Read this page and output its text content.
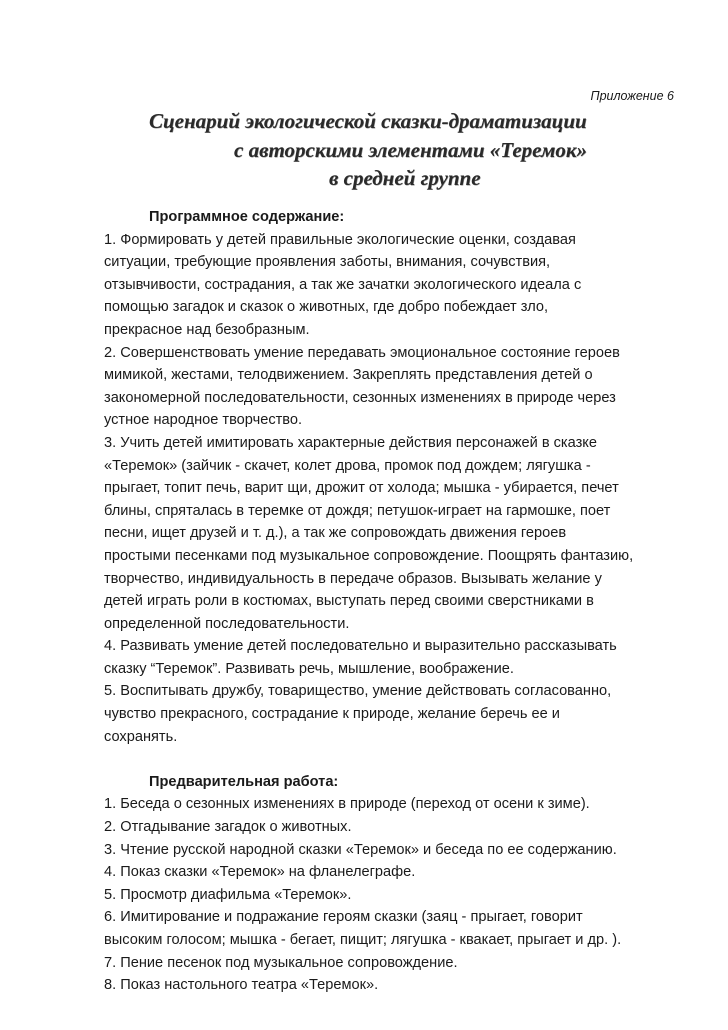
Приложение 6
Сценарий экологической сказки-драматизации
с авторскими элементами «Теремок»
в средней группе
Программное содержание:
1. Формировать у детей правильные экологические оценки, создавая
ситуации, требующие проявления заботы, внимания, сочувствия,
отзывчивости, сострадания, а так же зачатки экологического идеала с
помощью загадок и сказок о животных, где добро побеждает зло,
прекрасное над безобразным.
2. Совершенствовать умение передавать эмоциональное состояние героев
мимикой, жестами, телодвижением. Закреплять представления детей о
закономерной последовательности, сезонных изменениях в природе через
устное народное творчество.
3. Учить детей имитировать характерные действия персонажей в сказке
«Теремок» (зайчик - скачет, колет дрова, промок под дождем; лягушка -
прыгает, топит печь, варит щи, дрожит от холода; мышка - убирается, печет
блины, спряталась в теремке от дождя; петушок-играет на гармошке, поет
песни, ищет друзей и т. д.), а так же сопровождать движения героев
простыми песенками под музыкальное сопровождение. Поощрять фантазию,
творчество, индивидуальность в передаче образов. Вызывать желание у
детей играть роли в костюмах, выступать перед своими сверстниками в
определенной последовательности.
4. Развивать умение детей последовательно и выразительно рассказывать
сказку “Теремок”. Развивать речь, мышление, воображение.
5. Воспитывать дружбу, товарищество, умение действовать согласованно,
чувство прекрасного, сострадание к природе, желание беречь ее и
сохранять.
Предварительная работа:
1. Беседа о сезонных изменениях в природе (переход от осени к зиме).
2. Отгадывание загадок о животных.
3. Чтение русской народной сказки «Теремок» и беседа по ее содержанию.
4. Показ сказки «Теремок» на фланелеграфе.
5. Просмотр диафильма «Теремок».
6. Имитирование и подражание героям сказки (заяц - прыгает, говорит
высоким голосом; мышка - бегает, пищит; лягушка - квакает, прыгает и др. ).
7. Пение песенок под музыкальное сопровождение.
8. Показ настольного театра «Теремок».
